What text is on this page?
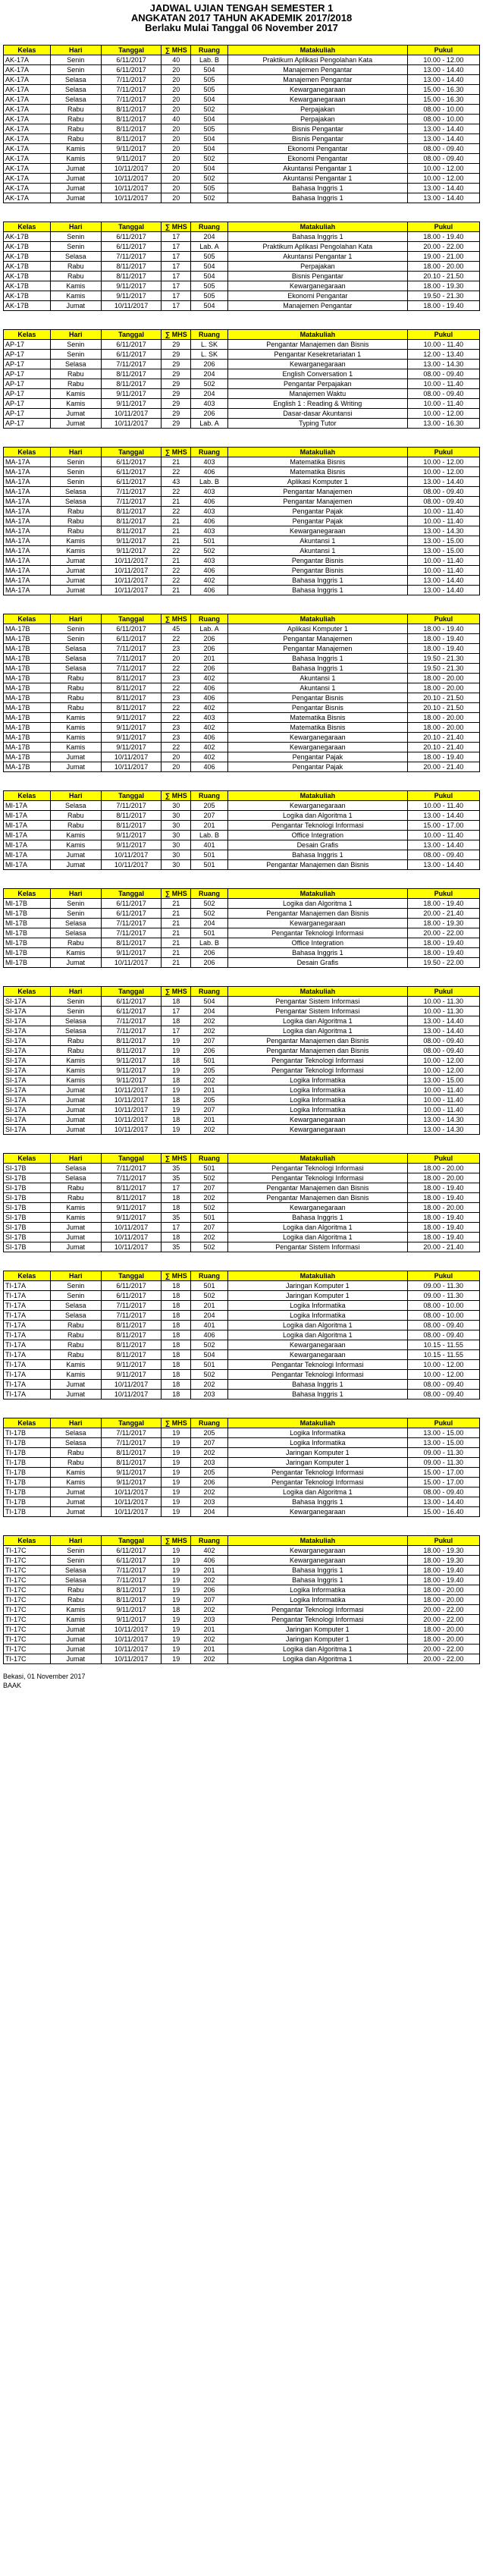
JADWAL UJIAN TENGAH SEMESTER 1
ANGKATAN 2017 TAHUN AKADEMIK 2017/2018
Berlaku Mulai Tanggal 06 November 2017
Kelas	Hari	Tanggal	∑ MHS	Ruang	Matakuliah	Pukul
AK-17A	Senin	6/11/2017	40	Lab. B	Praktikum Aplikasi Pengolahan Kata	10.00 - 12.00
AK-17A	Senin	6/11/2017	20	504	Manajemen Pengantar	13.00 - 14.40
AK-17A	Selasa	7/11/2017	20	505	Manajemen Pengantar	13.00 - 14.40
AK-17A	Selasa	7/11/2017	20	505	Kewarganegaraan	15.00 - 16.30
AK-17A	Selasa	7/11/2017	20	504	Kewarganegaraan	15.00 - 16.30
AK-17A	Rabu	8/11/2017	20	502	Perpajakan	08.00 - 10.00
AK-17A	Rabu	8/11/2017	40	504	Perpajakan	08.00 - 10.00
AK-17A	Rabu	8/11/2017	20	505	Bisnis Pengantar	13.00 - 14.40
AK-17A	Rabu	8/11/2017	20	504	Bisnis Pengantar	13.00 - 14.40
AK-17A	Kamis	9/11/2017	20	504	Ekonomi Pengantar	08.00 - 09.40
AK-17A	Kamis	9/11/2017	20	502	Ekonomi Pengantar	08.00 - 09.40
AK-17A	Jumat	10/11/2017	20	504	Akuntansi Pengantar 1	10.00 - 12.00
AK-17A	Jumat	10/11/2017	20	502	Akuntansi Pengantar 1	10.00 - 12.00
AK-17A	Jumat	10/11/2017	20	505	Bahasa Inggris 1	13.00 - 14.40
AK-17A	Jumat	10/11/2017	20	502	Bahasa Inggris 1	13.00 - 14.40
Kelas	Hari	Tanggal	∑ MHS	Ruang	Matakuliah	Pukul
AK-17B	Senin	6/11/2017	17	204	Bahasa Inggris 1	18.00 - 19.40
AK-17B	Senin	6/11/2017	17	Lab. A	Praktikum Aplikasi Pengolahan Kata	20.00 - 22.00
AK-17B	Selasa	7/11/2017	17	505	Akuntansi Pengantar 1	19.00 - 21.00
AK-17B	Rabu	8/11/2017	17	504	Perpajakan	18.00 - 20.00
AK-17B	Rabu	8/11/2017	17	504	Bisnis Pengantar	20.10 - 21.50
AK-17B	Kamis	9/11/2017	17	505	Kewarganegaraan	18.00 - 19.30
AK-17B	Kamis	9/11/2017	17	505	Ekonomi Pengantar	19.50 - 21.30
AK-17B	Jumat	10/11/2017	17	504	Manajemen Pengantar	18.00 - 19.40
Kelas	Hari	Tanggal	∑ MHS	Ruang	Matakuliah	Pukul
AP-17	Senin	6/11/2017	29	L. SK	Pengantar Manajemen dan Bisnis	10.00 - 11.40
AP-17	Senin	6/11/2017	29	L. SK	Pengantar Kesekretariatan 1	12.00 - 13.40
AP-17	Selasa	7/11/2017	29	206	Kewarganegaraan	13.00 - 14.30
AP-17	Rabu	8/11/2017	29	204	English Conversation 1	08.00 - 09.40
AP-17	Rabu	8/11/2017	29	502	Pengantar Perpajakan	10.00 - 11.40
AP-17	Kamis	9/11/2017	29	204	Manajemen Waktu	08.00 - 09.40
AP-17	Kamis	9/11/2017	29	403	English 1 : Reading & Writing	10.00 - 11.40
AP-17	Jumat	10/11/2017	29	206	Dasar-dasar Akuntansi	10.00 - 12.00
AP-17	Jumat	10/11/2017	29	Lab. A	Typing Tutor	13.00 - 16.30
Kelas	Hari	Tanggal	∑ MHS	Ruang	Matakuliah	Pukul
MA-17A	Senin	6/11/2017	21	403	Matematika Bisnis	10.00 - 12.00
MA-17A	Senin	6/11/2017	22	406	Matematika Bisnis	10.00 - 12.00
MA-17A	Senin	6/11/2017	43	Lab. B	Aplikasi Komputer 1	13.00 - 14.40
MA-17A	Selasa	7/11/2017	22	403	Pengantar Manajemen	08.00 - 09.40
MA-17A	Selasa	7/11/2017	21	406	Pengantar Manajemen	08.00 - 09.40
MA-17A	Rabu	8/11/2017	22	403	Pengantar Pajak	10.00 - 11.40
MA-17A	Rabu	8/11/2017	21	406	Pengantar Pajak	10.00 - 11.40
MA-17A	Rabu	8/11/2017	21	403	Kewarganegaraan	13.00 - 14.30
MA-17A	Kamis	9/11/2017	21	501	Akuntansi 1	13.00 - 15.00
MA-17A	Kamis	9/11/2017	22	502	Akuntansi 1	13.00 - 15.00
MA-17A	Jumat	10/11/2017	21	403	Pengantar Bisnis	10.00 - 11.40
MA-17A	Jumat	10/11/2017	22	406	Pengantar Bisnis	10.00 - 11.40
MA-17A	Jumat	10/11/2017	22	402	Bahasa Inggris 1	13.00 - 14.40
MA-17A	Jumat	10/11/2017	21	406	Bahasa Inggris 1	13.00 - 14.40
Kelas	Hari	Tanggal	∑ MHS	Ruang	Matakuliah	Pukul
MA-17B	Senin	6/11/2017	45	Lab. A	Aplikasi Komputer 1	18.00 - 19.40
MA-17B	Senin	6/11/2017	22	206	Pengantar Manajemen	18.00 - 19.40
MA-17B	Selasa	7/11/2017	23	206	Pengantar Manajemen	18.00 - 19.40
MA-17B	Selasa	7/11/2017	20	201	Bahasa Inggris 1	19.50 - 21.30
MA-17B	Selasa	7/11/2017	22	206	Bahasa Inggris 1	19.50 - 21.30
MA-17B	Rabu	8/11/2017	23	402	Akuntansi 1	18.00 - 20.00
MA-17B	Rabu	8/11/2017	22	406	Akuntansi 1	18.00 - 20.00
MA-17B	Rabu	8/11/2017	23	406	Pengantar Bisnis	20.10 - 21.50
MA-17B	Rabu	8/11/2017	22	402	Pengantar Bisnis	20.10 - 21.50
MA-17B	Kamis	9/11/2017	22	403	Matematika Bisnis	18.00 - 20.00
MA-17B	Kamis	9/11/2017	23	402	Matematika Bisnis	18.00 - 20.00
MA-17B	Kamis	9/11/2017	23	406	Kewarganegaraan	20.10 - 21.40
MA-17B	Kamis	9/11/2017	22	402	Kewarganegaraan	20.10 - 21.40
MA-17B	Jumat	10/11/2017	20	402	Pengantar Pajak	18.00 - 19.40
MA-17B	Jumat	10/11/2017	20	406	Pengantar Pajak	20.00 - 21.40
Kelas	Hari	Tanggal	∑ MHS	Ruang	Matakuliah	Pukul
MI-17A	Selasa	7/11/2017	30	205	Kewarganegaraan	10.00 - 11.40
MI-17A	Rabu	8/11/2017	30	207	Logika dan Algoritma 1	13.00 - 14.40
MI-17A	Rabu	8/11/2017	30	201	Pengantar Teknologi Informasi	15.00 - 17.00
MI-17A	Kamis	9/11/2017	30	Lab. B	Office Integration	10.00 - 11.40
MI-17A	Kamis	9/11/2017	30	401	Desain Grafis	13.00 - 14.40
MI-17A	Jumat	10/11/2017	30	501	Bahasa Inggris 1	08.00 - 09.40
MI-17A	Jumat	10/11/2017	30	501	Pengantar Manajemen dan Bisnis	13.00 - 14.40
Kelas	Hari	Tanggal	∑ MHS	Ruang	Matakuliah	Pukul
MI-17B	Senin	6/11/2017	21	502	Logika dan Algoritma 1	18.00 - 19.40
MI-17B	Senin	6/11/2017	21	502	Pengantar Manajemen dan Bisnis	20.00 - 21.40
MI-17B	Selasa	7/11/2017	21	204	Kewarganegaraan	18.00 - 19.30
MI-17B	Selasa	7/11/2017	21	501	Pengantar Teknologi Informasi	20.00 - 22.00
MI-17B	Rabu	8/11/2017	21	Lab. B	Office Integration	18.00 - 19.40
MI-17B	Kamis	9/11/2017	21	206	Bahasa Inggris 1	18.00 - 19.40
MI-17B	Jumat	10/11/2017	21	206	Desain Grafis	19.50 - 22.00
Kelas	Hari	Tanggal	∑ MHS	Ruang	Matakuliah	Pukul
SI-17A	Senin	6/11/2017	18	504	Pengantar Sistem Informasi	10.00 - 11.30
SI-17A	Senin	6/11/2017	17	204	Pengantar Sistem Informasi	10.00 - 11.30
SI-17A	Selasa	7/11/2017	18	202	Logika dan Algoritma 1	13.00 - 14.40
SI-17A	Selasa	7/11/2017	17	202	Logika dan Algoritma 1	13.00 - 14.40
SI-17A	Rabu	8/11/2017	19	207	Pengantar Manajemen dan Bisnis	08.00 - 09.40
SI-17A	Rabu	8/11/2017	19	206	Pengantar Manajemen dan Bisnis	08.00 - 09.40
SI-17A	Kamis	9/11/2017	18	501	Pengantar Teknologi Informasi	10.00 - 12.00
SI-17A	Kamis	9/11/2017	19	205	Pengantar Teknologi Informasi	10.00 - 12.00
SI-17A	Kamis	9/11/2017	18	202	Logika Informatika	13.00 - 15.00
SI-17A	Jumat	10/11/2017	19	201	Logika Informatika	10.00 - 11.40
SI-17A	Jumat	10/11/2017	18	205	Logika Informatika	10.00 - 11.40
SI-17A	Jumat	10/11/2017	19	207	Logika Informatika	10.00 - 11.40
SI-17A	Jumat	10/11/2017	18	201	Kewarganegaraan	13.00 - 14.30
SI-17A	Jumat	10/11/2017	19	202	Kewarganegaraan	13.00 - 14.30
Kelas	Hari	Tanggal	∑ MHS	Ruang	Matakuliah	Pukul
SI-17B	Selasa	7/11/2017	35	501	Pengantar Teknologi Informasi	18.00 - 20.00
SI-17B	Selasa	7/11/2017	35	502	Pengantar Teknologi Informasi	18.00 - 20.00
SI-17B	Rabu	8/11/2017	17	207	Pengantar Manajemen dan Bisnis	18.00 - 19.40
SI-17B	Rabu	8/11/2017	18	202	Pengantar Manajemen dan Bisnis	18.00 - 19.40
SI-17B	Kamis	9/11/2017	18	502	Kewarganegaraan	18.00 - 20.00
SI-17B	Kamis	9/11/2017	35	501	Bahasa Inggris 1	18.00 - 19.40
SI-17B	Jumat	10/11/2017	17	207	Logika dan Algoritma 1	18.00 - 19.40
SI-17B	Jumat	10/11/2017	18	202	Logika dan Algoritma 1	18.00 - 19.40
SI-17B	Jumat	10/11/2017	35	502	Pengantar Sistem Informasi	20.00 - 21.40
Kelas	Hari	Tanggal	∑ MHS	Ruang	Matakuliah	Pukul
TI-17A	Senin	6/11/2017	18	501	Jaringan Komputer 1	09.00 - 11.30
TI-17A	Senin	6/11/2017	18	502	Jaringan Komputer 1	09.00 - 11.30
TI-17A	Selasa	7/11/2017	18	201	Logika Informatika	08.00 - 10.00
TI-17A	Selasa	7/11/2017	18	204	Logika Informatika	08.00 - 10.00
TI-17A	Rabu	8/11/2017	18	401	Logika dan Algoritma 1	08.00 - 09.40
TI-17A	Rabu	8/11/2017	18	406	Logika dan Algoritma 1	08.00 - 09.40
TI-17A	Rabu	8/11/2017	18	502	Kewarganegaraan	10.15 - 11.55
TI-17A	Rabu	8/11/2017	18	504	Kewarganegaraan	10.15 - 11.55
TI-17A	Kamis	9/11/2017	18	501	Pengantar Teknologi Informasi	10.00 - 12.00
TI-17A	Kamis	9/11/2017	18	502	Pengantar Teknologi Informasi	10.00 - 12.00
TI-17A	Jumat	10/11/2017	18	202	Bahasa Inggris 1	08.00 - 09.40
TI-17A	Jumat	10/11/2017	18	203	Bahasa Inggris 1	08.00 - 09.40
Kelas	Hari	Tanggal	∑ MHS	Ruang	Matakuliah	Pukul
TI-17B	Selasa	7/11/2017	19	205	Logika Informatika	13.00 - 15.00
TI-17B	Selasa	7/11/2017	19	207	Logika Informatika	13.00 - 15.00
TI-17B	Rabu	8/11/2017	19	202	Jaringan Komputer 1	09.00 - 11.30
TI-17B	Rabu	8/11/2017	19	203	Jaringan Komputer 1	09.00 - 11.30
TI-17B	Kamis	9/11/2017	19	205	Pengantar Teknologi Informasi	15.00 - 17.00
TI-17B	Kamis	9/11/2017	19	206	Pengantar Teknologi Informasi	15.00 - 17.00
TI-17B	Jumat	10/11/2017	19	202	Logika dan Algoritma 1	08.00 - 09.40
TI-17B	Jumat	10/11/2017	19	203	Bahasa Inggris 1	13.00 - 14.40
TI-17B	Jumat	10/11/2017	19	204	Kewarganegaraan	15.00 - 16.40
Kelas	Hari	Tanggal	∑ MHS	Ruang	Matakuliah	Pukul
TI-17C	Senin	6/11/2017	19	402	Kewarganegaraan	18.00 - 19.30
TI-17C	Senin	6/11/2017	19	406	Kewarganegaraan	18.00 - 19.30
TI-17C	Selasa	7/11/2017	19	201	Bahasa Inggris 1	18.00 - 19.40
TI-17C	Selasa	7/11/2017	19	202	Bahasa Inggris 1	18.00 - 19.40
TI-17C	Rabu	8/11/2017	19	206	Logika Informatika	18.00 - 20.00
TI-17C	Rabu	8/11/2017	19	207	Logika Informatika	18.00 - 20.00
TI-17C	Kamis	9/11/2017	18	202	Pengantar Teknologi Informasi	20.00 - 22.00
TI-17C	Kamis	9/11/2017	19	203	Pengantar Teknologi Informasi	20.00 - 22.00
TI-17C	Jumat	10/11/2017	19	201	Jaringan Komputer 1	18.00 - 20.00
TI-17C	Jumat	10/11/2017	19	202	Jaringan Komputer 1	18.00 - 20.00
TI-17C	Jumat	10/11/2017	19	201	Logika dan Algoritma 1	20.00 - 22.00
TI-17C	Jumat	10/11/2017	19	202	Logika dan Algoritma 1	20.00 - 22.00
Bekasi, 01 November 2017
BAAK
